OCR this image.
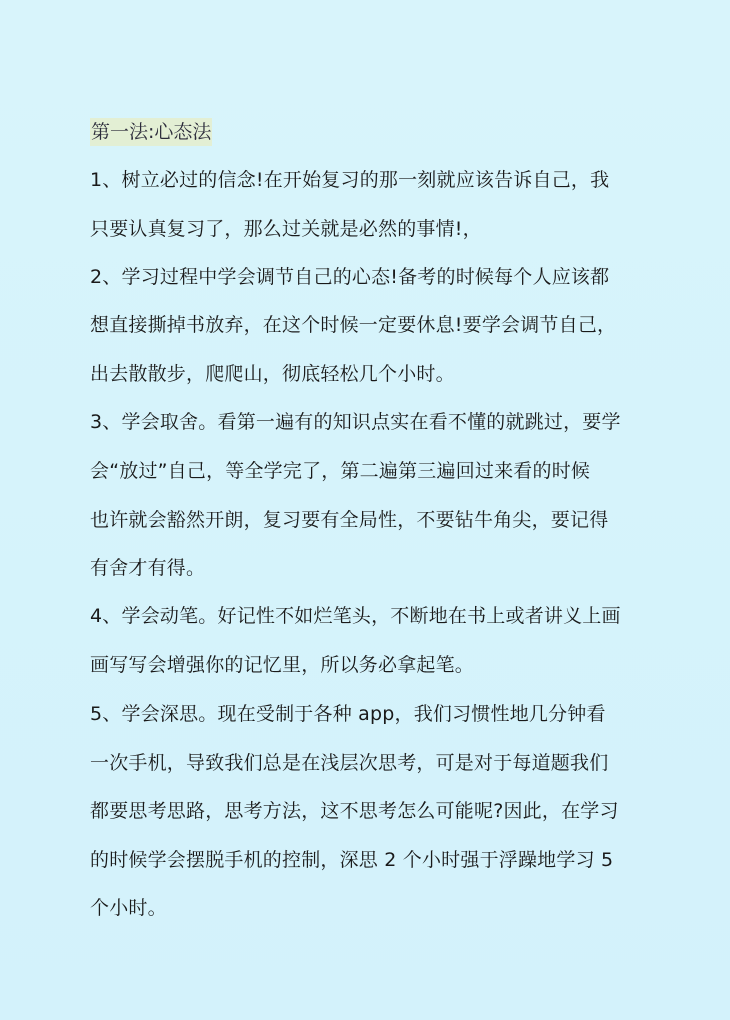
第一法:心态法
1、树立必过的信念!在开始复习的那一刻就应该告诉自己，我
只要认真复习了，那么过关就是必然的事情!，
2、学习过程中学会调节自己的心态!备考的时候每个人应该都
想直接撕掉书放弃，在这个时候一定要休息!要学会调节自己，
出去散散步，爬爬山，彻底轻松几个小时。
3、学会取舍。看第一遍有的知识点实在看不懂的就跳过，要学
会“放过”自己，等全学完了，第二遍第三遍回过来看的时候
也许就会豁然开朗，复习要有全局性，不要钻牛角尖，要记得
有舍才有得。
4、学会动笔。好记性不如烂笔头，不断地在书上或者讲义上画
画写写会增强你的记忆里，所以务必拿起笔。
5、学会深思。现在受制于各种 app，我们习惯性地几分钟看
一次手机，导致我们总是在浅层次思考，可是对于每道题我们
都要思考思路，思考方法，这不思考怎么可能呢?因此，在学习
的时候学会摆脱手机的控制，深思 2 个小时强于浮躁地学习 5
个小时。
